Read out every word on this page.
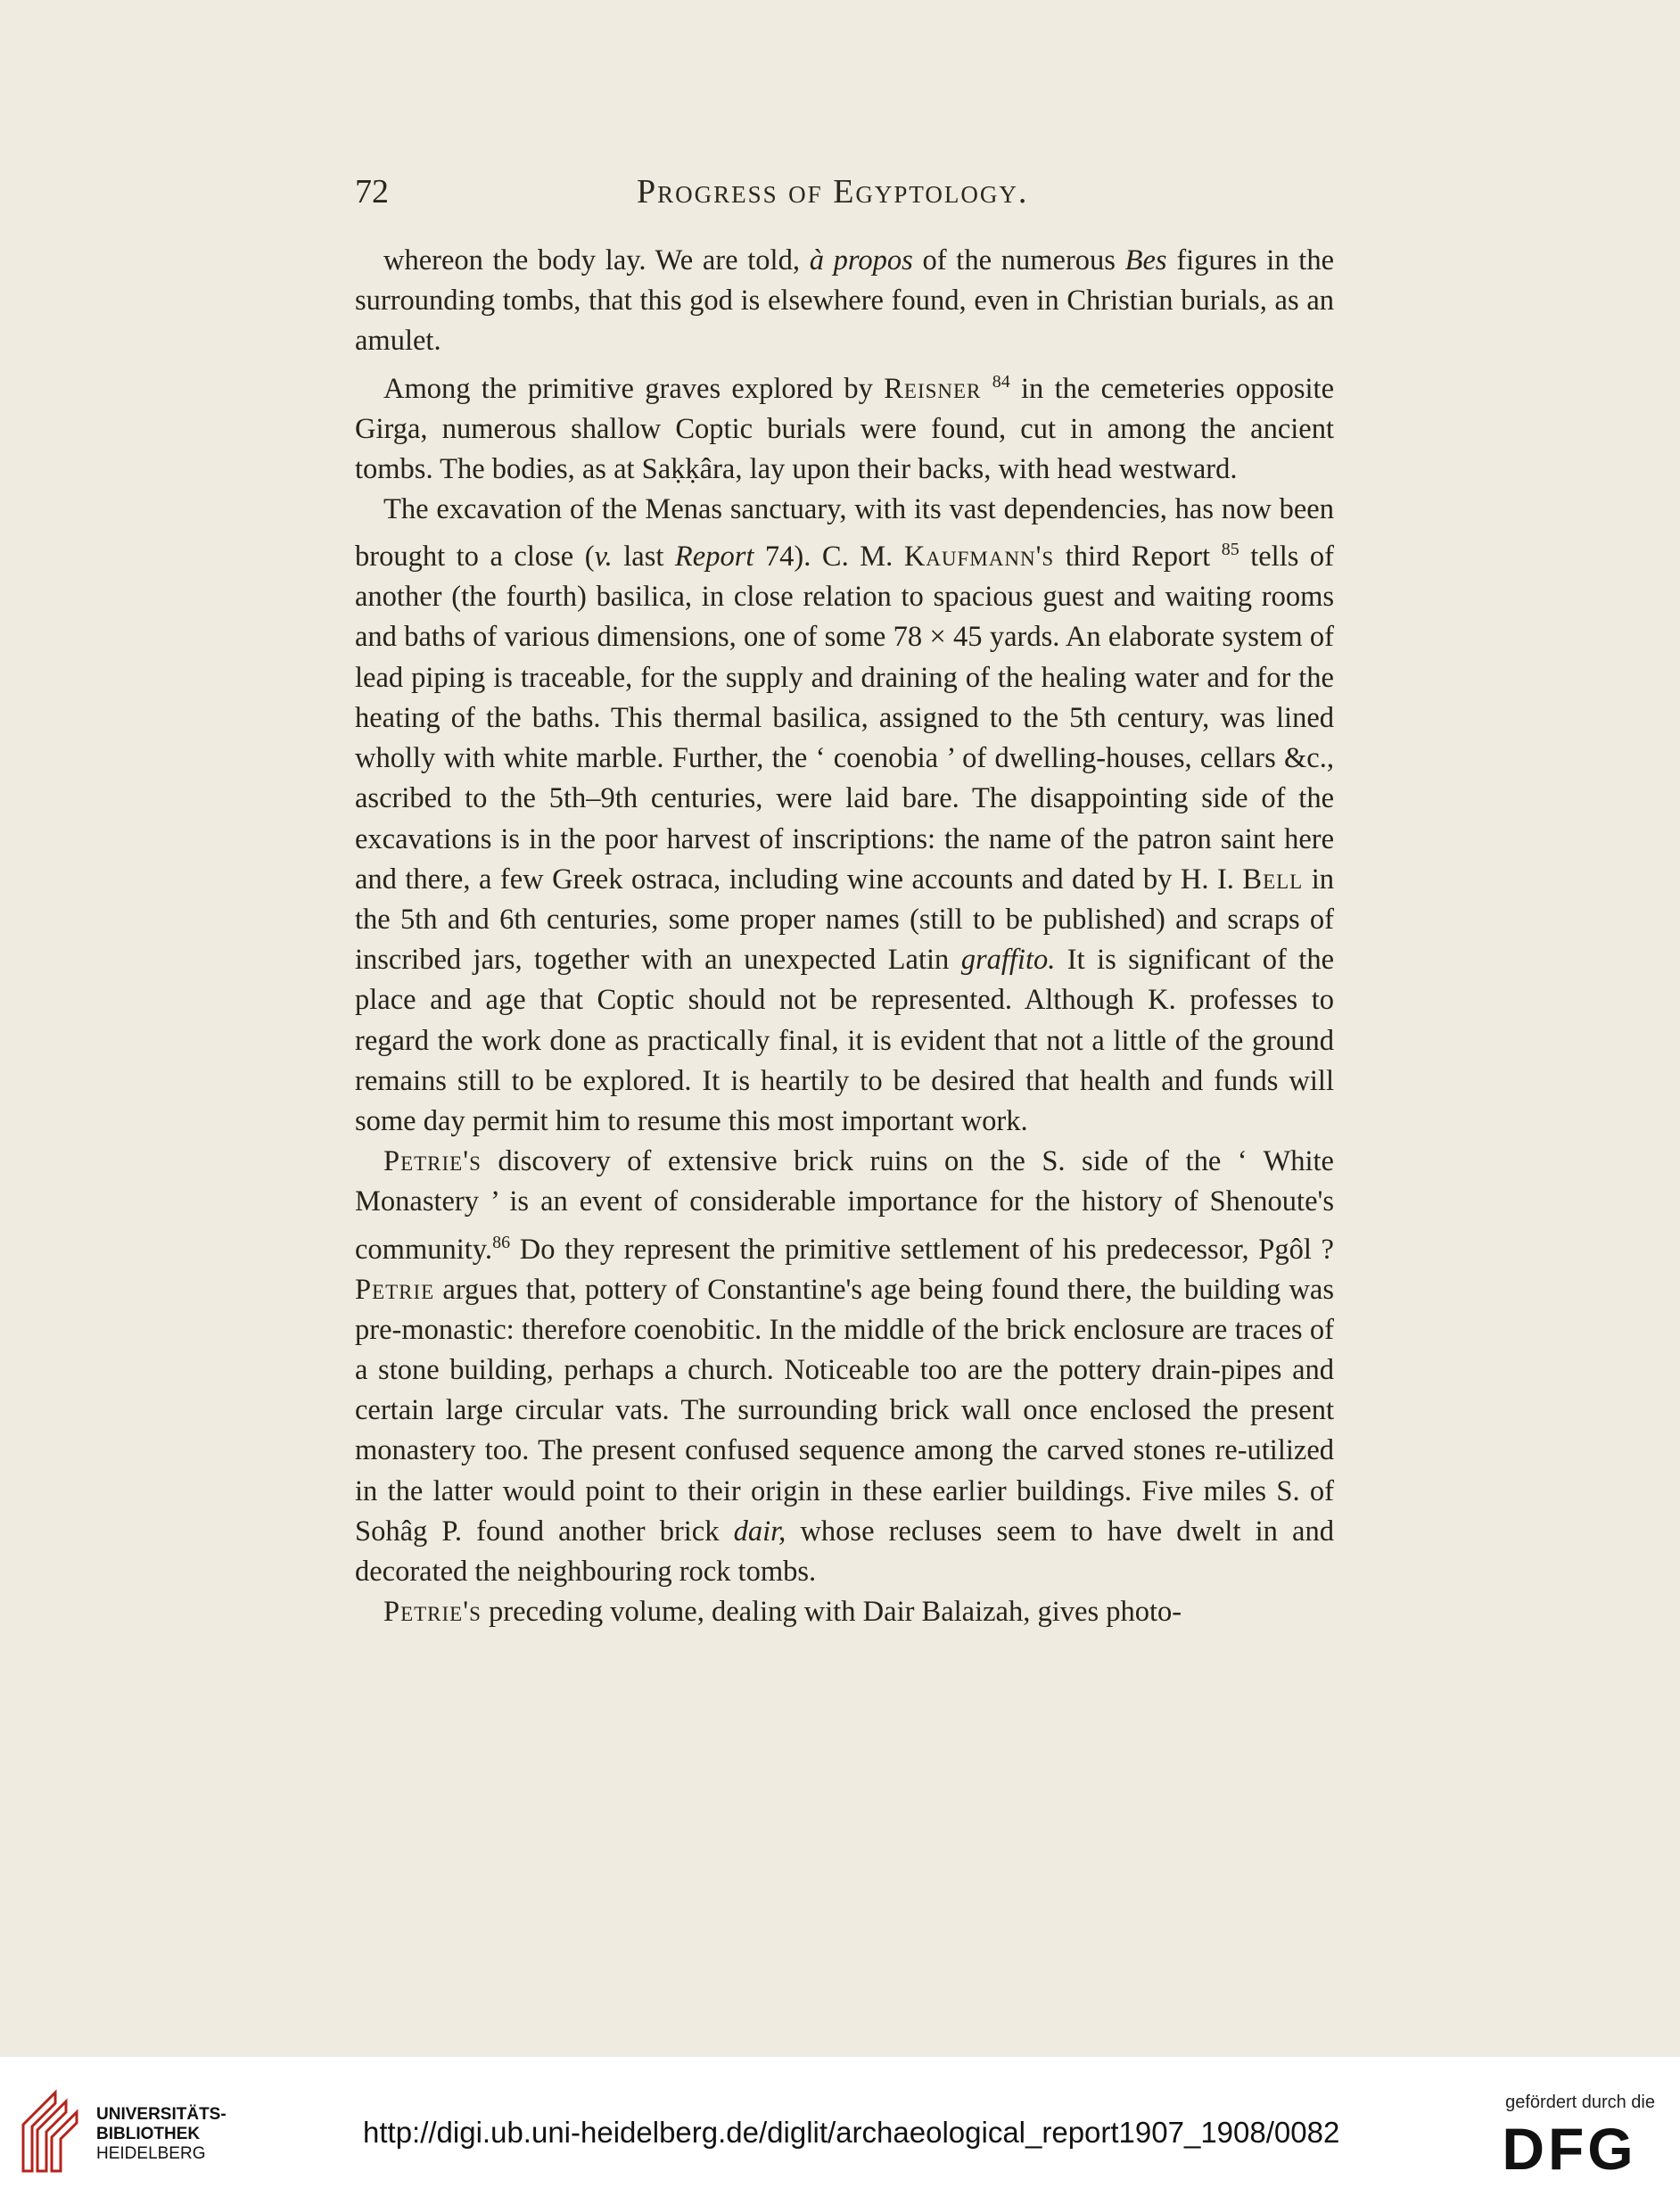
72	Progress of Egyptology.

whereon the body lay. We are told, à propos of the numerous Bes figures in the surrounding tombs, that this god is elsewhere found, even in Christian burials, as an amulet.

Among the primitive graves explored by Reisner $^{84}$ in the cemeteries opposite Girga, numerous shallow Coptic burials were found, cut in among the ancient tombs. The bodies, as at Saḳḳâra, lay upon their backs, with head westward.

The excavation of the Menas sanctuary, with its vast dependencies, has now been brought to a close (v. last Report 74). C. M. Kaufmann's third Report $^{85}$ tells of another (the fourth) basilica, in close relation to spacious guest and waiting rooms and baths of various dimensions, one of some 78 × 45 yards. An elaborate system of lead piping is traceable, for the supply and draining of the healing water and for the heating of the baths. This thermal basilica, assigned to the 5th century, was lined wholly with white marble. Further, the ‘ coenobia ’ of dwelling-houses, cellars &c., ascribed to the 5th–9th centuries, were laid bare. The disappointing side of the excavations is in the poor harvest of inscriptions: the name of the patron saint here and there, a few Greek ostraca, including wine accounts and dated by H. I. Bell in the 5th and 6th centuries, some proper names (still to be published) and scraps of inscribed jars, together with an unexpected Latin graffito. It is significant of the place and age that Coptic should not be represented. Although K. professes to regard the work done as practically final, it is evident that not a little of the ground remains still to be explored. It is heartily to be desired that health and funds will some day permit him to resume this most important work.

Petrie's discovery of extensive brick ruins on the S. side of the ‘ White Monastery ’ is an event of considerable importance for the history of Shenoute's community.$^{86}$ Do they represent the primitive settlement of his predecessor, Pgôl ? Petrie argues that, pottery of Constantine's age being found there, the building was pre-monastic: therefore coenobitic. In the middle of the brick enclosure are traces of a stone building, perhaps a church. Noticeable too are the pottery drain-pipes and certain large circular vats. The surrounding brick wall once enclosed the present monastery too. The present confused sequence among the carved stones re-utilized in the latter would point to their origin in these earlier buildings. Five miles S. of Sohâg P. found another brick dair, whose recluses seem to have dwelt in and decorated the neighbouring rock tombs.

Petrie's preceding volume, dealing with Dair Balaizah, gives photo-

UNIVERSITÄTS-
BIBLIOTHEK
HEIDELBERG
http://digi.ub.uni-heidelberg.de/diglit/archaeological_report1907_1908/0082
gefördert durch die
DFG
